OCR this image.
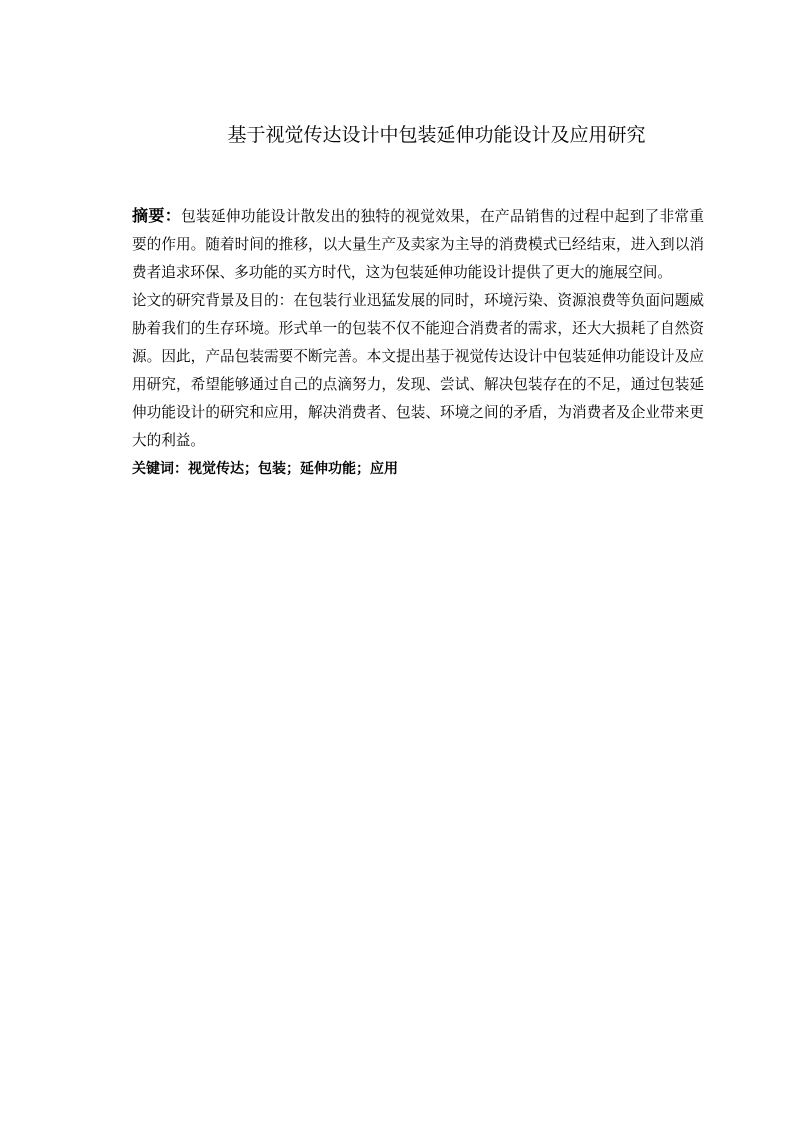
基于视觉传达设计中包装延伸功能设计及应用研究

摘要：包装延伸功能设计散发出的独特的视觉效果，在产品销售的过程中起到了非常重要的作用。随着时间的推移，以大量生产及卖家为主导的消费模式已经结束，进入到以消费者追求环保、多功能的买方时代，这为包装延伸功能设计提供了更大的施展空间。

论文的研究背景及目的：在包装行业迅猛发展的同时，环境污染、资源浪费等负面问题威胁着我们的生存环境。形式单一的包装不仅不能迎合消费者的需求，还大大损耗了自然资源。因此，产品包装需要不断完善。本文提出基于视觉传达设计中包装延伸功能设计及应用研究，希望能够通过自己的点滴努力，发现、尝试、解决包装存在的不足，通过包装延伸功能设计的研究和应用，解决消费者、包装、环境之间的矛盾，为消费者及企业带来更大的利益。

关键词：视觉传达；包装；延伸功能；应用
